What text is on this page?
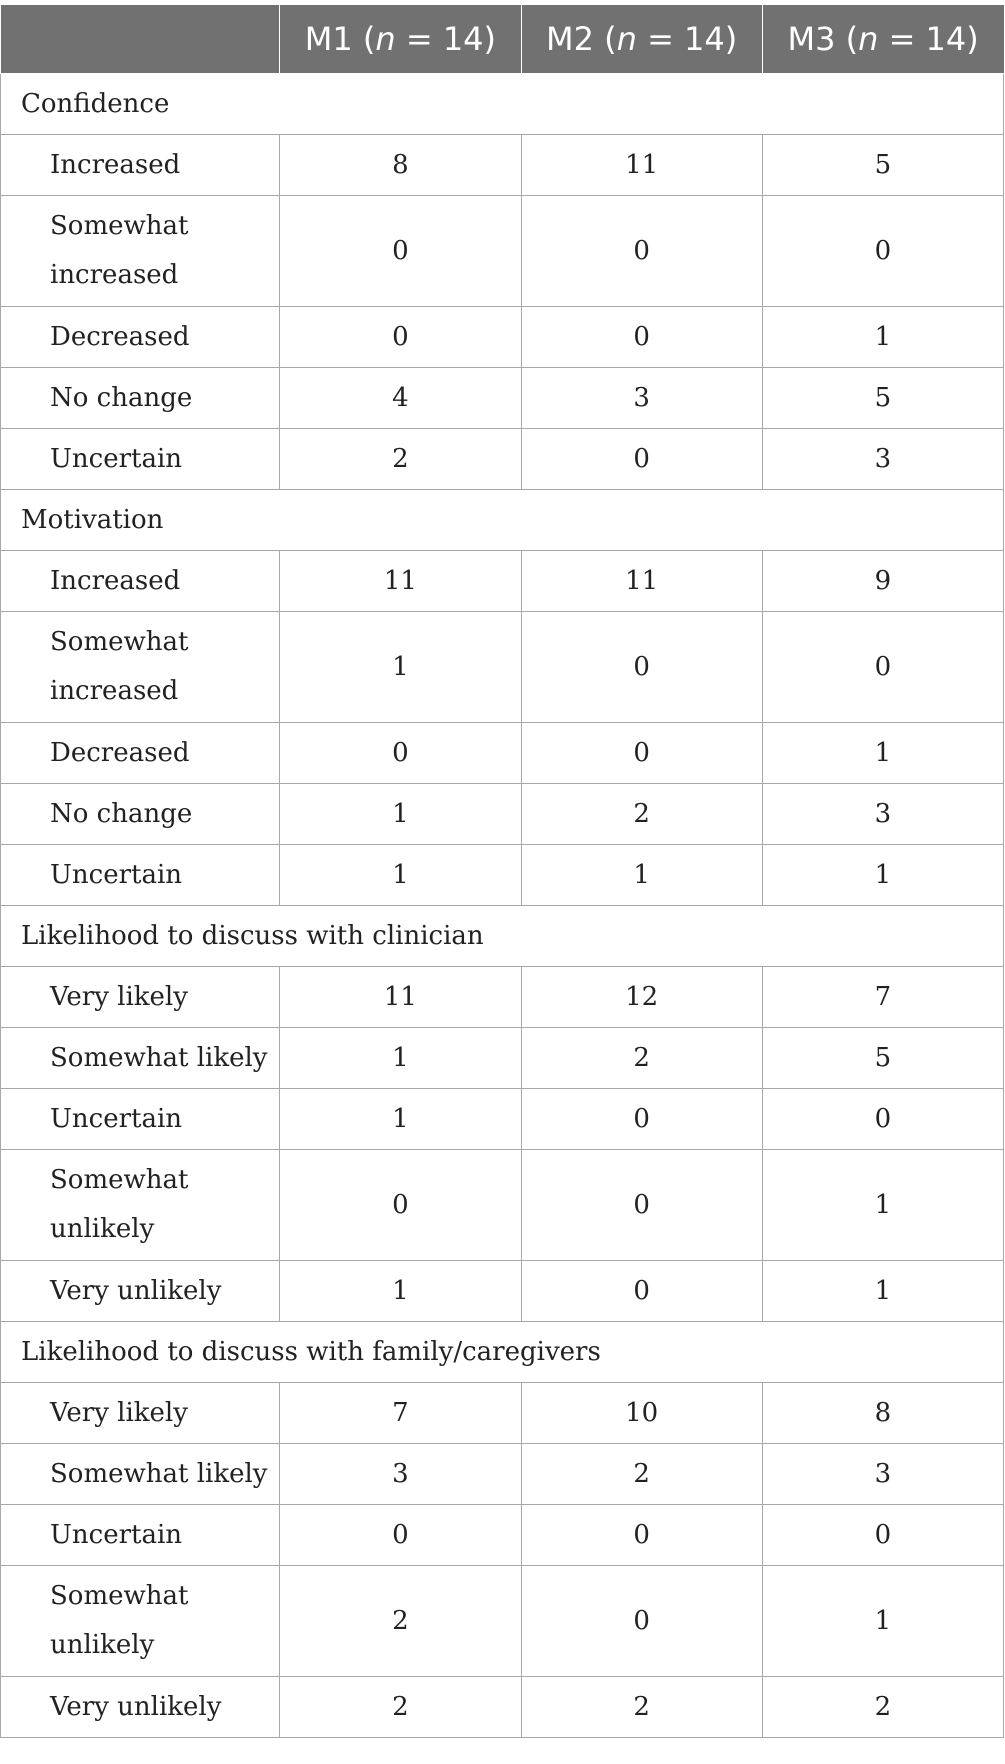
	M1 (n = 14)	M2 (n = 14)	M3 (n = 14)
Confidence			
Increased	8	11	5
Somewhat increased	0	0	0
Decreased	0	0	1
No change	4	3	5
Uncertain	2	0	3
Motivation			
Increased	11	11	9
Somewhat increased	1	0	0
Decreased	0	0	1
No change	1	2	3
Uncertain	1	1	1
Likelihood to discuss with clinician			
Very likely	11	12	7
Somewhat likely	1	2	5
Uncertain	1	0	0
Somewhat unlikely	0	0	1
Very unlikely	1	0	1
Likelihood to discuss with family/caregivers			
Very likely	7	10	8
Somewhat likely	3	2	3
Uncertain	0	0	0
Somewhat unlikely	2	0	1
Very unlikely	2	2	2
